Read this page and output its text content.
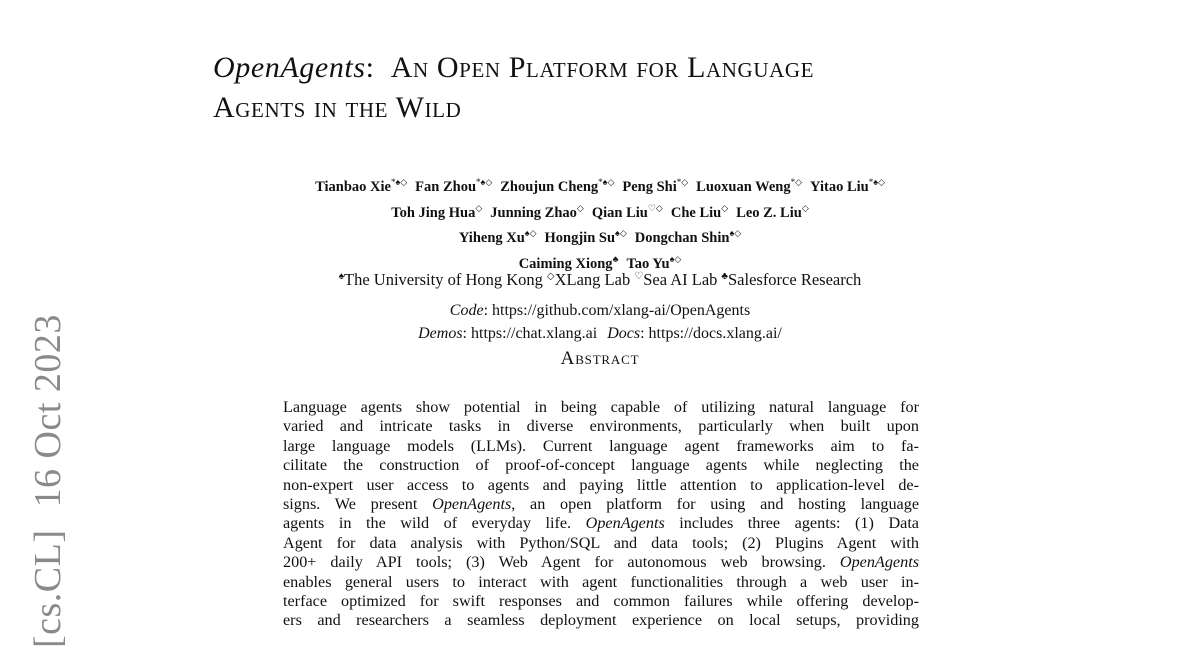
[cs.CL]16 Oct 2023
OpenAgents: An Open Platform for Language
Agents in the Wild
Tianbao Xie*♠◇ Fan Zhou*♠◇ Zhoujun Cheng*♠◇ Peng Shi*◇ Luoxuan Weng*◇ Yitao Liu*♠◇
Toh Jing Hua◇ Junning Zhao◇ Qian Liu♡◇ Che Liu◇ Leo Z. Liu◇
Yiheng Xu♠◇ Hongjin Su♠◇ Dongchan Shin♠◇
Caiming Xiong♣ Tao Yu♠◇
♠The University of Hong Kong ◇XLang Lab ♡Sea AI Lab ♣Salesforce Research
Code: https://github.com/xlang-ai/OpenAgents
Demos: https://chat.xlang.ai Docs: https://docs.xlang.ai/
Abstract
Language agents show potential in being capable of utilizing natural language for
varied and intricate tasks in diverse environments, particularly when built upon
large language models (LLMs). Current language agent frameworks aim to fa-
cilitate the construction of proof-of-concept language agents while neglecting the
non-expert user access to agents and paying little attention to application-level de-
signs. We present OpenAgents, an open platform for using and hosting language
agents in the wild of everyday life. OpenAgents includes three agents: (1) Data
Agent for data analysis with Python/SQL and data tools; (2) Plugins Agent with
200+ daily API tools; (3) Web Agent for autonomous web browsing. OpenAgents
enables general users to interact with agent functionalities through a web user in-
terface optimized for swift responses and common failures while offering develop-
ers and researchers a seamless deployment experience on local setups, providing
